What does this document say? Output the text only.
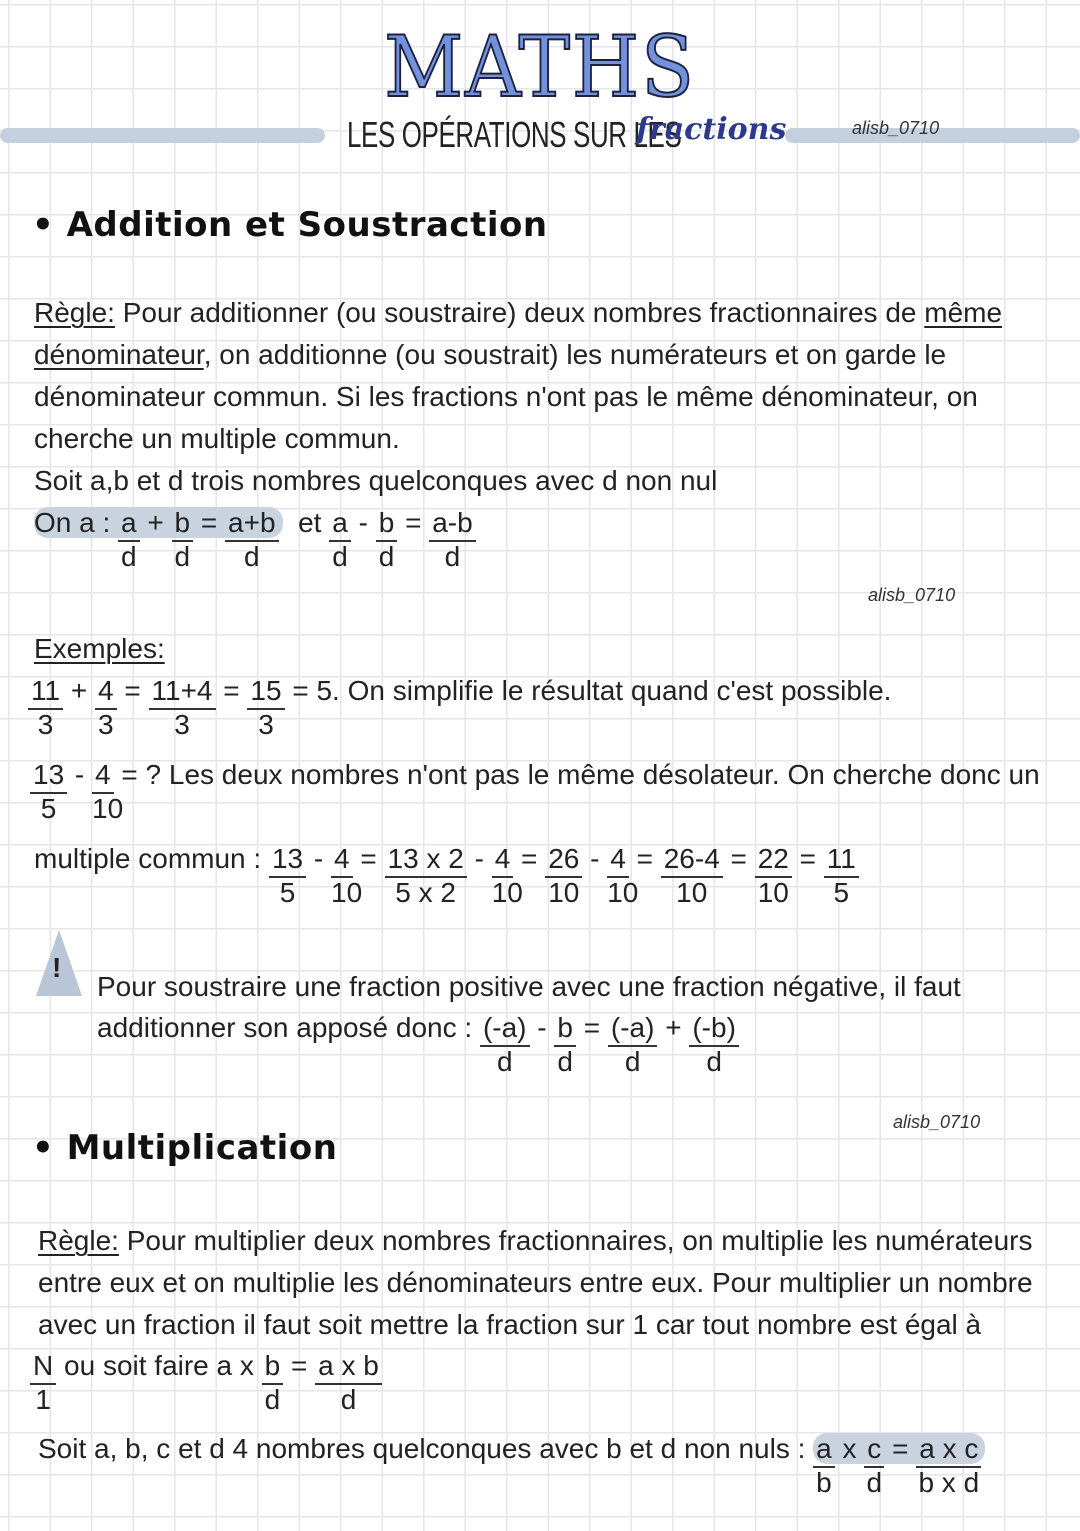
MATHS
LES OPÉRATIONS SUR LES
fractions	alisb_0710
• Addition et Soustraction
Règle: Pour additionner (ou soustraire) deux nombres fractionnaires de même
dénominateur, on additionne (ou soustrait) les numérateurs et on garde le
dénominateur commun. Si les fractions n'ont pas le même dénominateur, on
cherche un multiple commun.
Soit a,b et d trois nombres quelconques avec d non nul
On a : $\frac{a}{d} + \frac{b}{d} = \frac{a+b}{d}$ et $\frac{a}{d} - \frac{b}{d} = \frac{a-b}{d}$
alisb_0710
Exemples:
$\frac{11}{3} + \frac{4}{3} = \frac{11+4}{3} = \frac{15}{3} = 5$. On simplifie le résultat quand c'est possible.
$\frac{13}{5} - \frac{4}{10}$ = ? Les deux nombres n'ont pas le même désolateur. On cherche donc un
multiple commun : $\frac{13}{5} - \frac{4}{10} = \frac{13 x 2}{5 x 2} - \frac{4}{10} = \frac{26}{10} - \frac{4}{10} = \frac{26-4}{10} = \frac{22}{10} = \frac{11}{5}$
!
Pour soustraire une fraction positive avec une fraction négative, il faut
additionner son apposé donc : $\frac{(-a)}{d} - \frac{b}{d} = \frac{(-a)}{d} + \frac{(-b)}{d}$
alisb_0710
• Multiplication
Règle: Pour multiplier deux nombres fractionnaires, on multiplie les numérateurs
entre eux et on multiplie les dénominateurs entre eux. Pour multiplier un nombre
avec un fraction il faut soit mettre la fraction sur 1 car tout nombre est égal à
$\frac{N}{1}$ ou soit faire a x $\frac{b}{d} = \frac{\text{a x b}}{d}$
Soit a, b, c et d 4 nombres quelconques avec b et d non nuls : $\frac{a}{b}$ x $\frac{c}{d} = \frac{\text{a x c}}{\text{b x d}}$
